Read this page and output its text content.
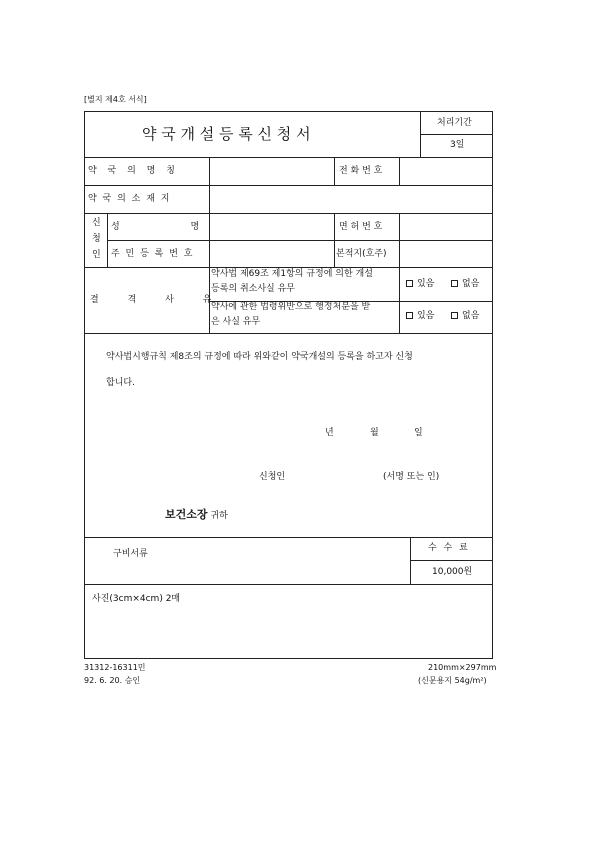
[별지 제4호 서식]
약 국 개 설 등 록 신 청 서
처리기간
3일
약 국 의 명 칭	전 화 번 호
약 국 의 소 재 지
신
청
인
성 명	면 허 번 호
주 민 등 록 번 호	본적지(호주)
결 격 사 유
약사법 제69조 제1항의 규정에 의한 개설
등록의 취소사실 유무	있음	없음
약사에 관한 법령위반으로 행정처분을 받
은 사실 유무
있음	없음
약사법시행규칙 제8조의 규정에 따라 위와같이 약국개설의 등록을 하고자 신청
합니다.
년	월	일
신청인	(서명 또는 인)
보건소장 귀하
구비서류
수 수 료
10,000원
사진(3cm×4cm) 2매
31312-16311민
92. 6. 20. 승인
210mm×297mm
(신문용지 54g/m²)
